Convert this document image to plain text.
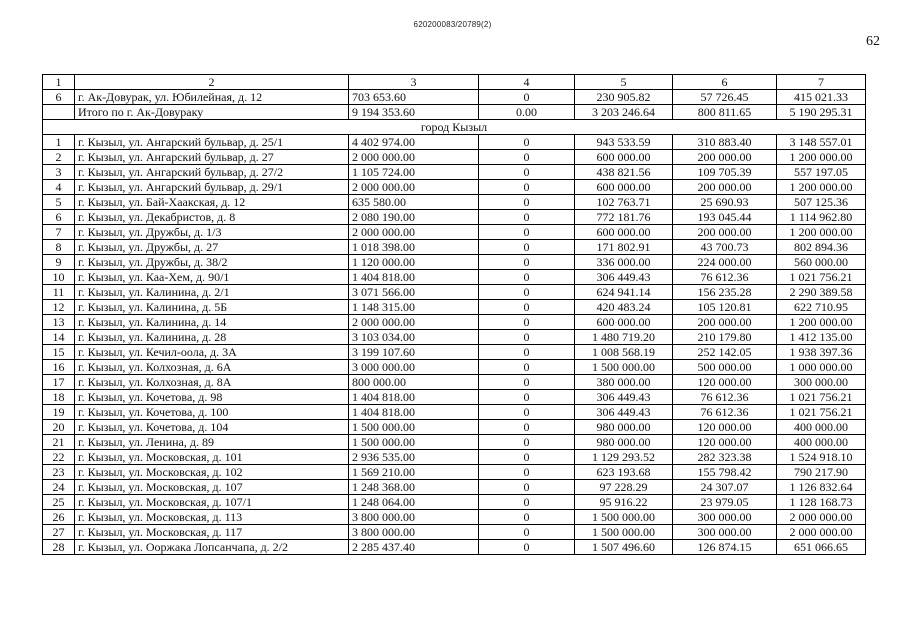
620200083/20789(2)
62
1	2	3	4	5	6	7
6	г. Ак-Довурак, ул. Юбилейная, д. 12	703 653.60	0	230 905.82	57 726.45	415 021.33
	Итого по г. Ак-Довураку	9 194 353.60	0.00	3 203 246.64	800 811.65	5 190 295.31
город Кызыл						
1	г. Кызыл, ул. Ангарский бульвар, д. 25/1	4 402 974.00	0	943 533.59	310 883.40	3 148 557.01
2	г. Кызыл, ул. Ангарский бульвар, д. 27	2 000 000.00	0	600 000.00	200 000.00	1 200 000.00
3	г. Кызыл, ул. Ангарский бульвар, д. 27/2	1 105 724.00	0	438 821.56	109 705.39	557 197.05
4	г. Кызыл, ул. Ангарский бульвар, д. 29/1	2 000 000.00	0	600 000.00	200 000.00	1 200 000.00
5	г. Кызыл, ул. Бай-Хаакская, д. 12	635 580.00	0	102 763.71	25 690.93	507 125.36
6	г. Кызыл, ул. Декабристов, д. 8	2 080 190.00	0	772 181.76	193 045.44	1 114 962.80
7	г. Кызыл, ул. Дружбы, д. 1/3	2 000 000.00	0	600 000.00	200 000.00	1 200 000.00
8	г. Кызыл, ул. Дружбы, д. 27	1 018 398.00	0	171 802.91	43 700.73	802 894.36
9	г. Кызыл, ул. Дружбы, д. 38/2	1 120 000.00	0	336 000.00	224 000.00	560 000.00
10	г. Кызыл, ул. Каа-Хем, д. 90/1	1 404 818.00	0	306 449.43	76 612.36	1 021 756.21
11	г. Кызыл, ул. Калинина, д. 2/1	3 071 566.00	0	624 941.14	156 235.28	2 290 389.58
12	г. Кызыл, ул. Калинина, д. 5Б	1 148 315.00	0	420 483.24	105 120.81	622 710.95
13	г. Кызыл, ул. Калинина, д. 14	2 000 000.00	0	600 000.00	200 000.00	1 200 000.00
14	г. Кызыл, ул. Калинина, д. 28	3 103 034.00	0	1 480 719.20	210 179.80	1 412 135.00
15	г. Кызыл, ул. Кечил-оола, д. 3А	3 199 107.60	0	1 008 568.19	252 142.05	1 938 397.36
16	г. Кызыл, ул. Колхозная, д. 6А	3 000 000.00	0	1 500 000.00	500 000.00	1 000 000.00
17	г. Кызыл, ул. Колхозная, д. 8А	800 000.00	0	380 000.00	120 000.00	300 000.00
18	г. Кызыл, ул. Кочетова, д. 98	1 404 818.00	0	306 449.43	76 612.36	1 021 756.21
19	г. Кызыл, ул. Кочетова, д. 100	1 404 818.00	0	306 449.43	76 612.36	1 021 756.21
20	г. Кызыл, ул. Кочетова, д. 104	1 500 000.00	0	980 000.00	120 000.00	400 000.00
21	г. Кызыл, ул. Ленина, д. 89	1 500 000.00	0	980 000.00	120 000.00	400 000.00
22	г. Кызыл, ул. Московская, д. 101	2 936 535.00	0	1 129 293.52	282 323.38	1 524 918.10
23	г. Кызыл, ул. Московская, д. 102	1 569 210.00	0	623 193.68	155 798.42	790 217.90
24	г. Кызыл, ул. Московская, д. 107	1 248 368.00	0	97 228.29	24 307.07	1 126 832.64
25	г. Кызыл, ул. Московская, д. 107/1	1 248 064.00	0	95 916.22	23 979.05	1 128 168.73
26	г. Кызыл, ул. Московская, д. 113	3 800 000.00	0	1 500 000.00	300 000.00	2 000 000.00
27	г. Кызыл, ул. Московская, д. 117	3 800 000.00	0	1 500 000.00	300 000.00	2 000 000.00
28	г. Кызыл, ул. Ооржака Лопсанчапа, д. 2/2	2 285 437.40	0	1 507 496.60	126 874.15	651 066.65
